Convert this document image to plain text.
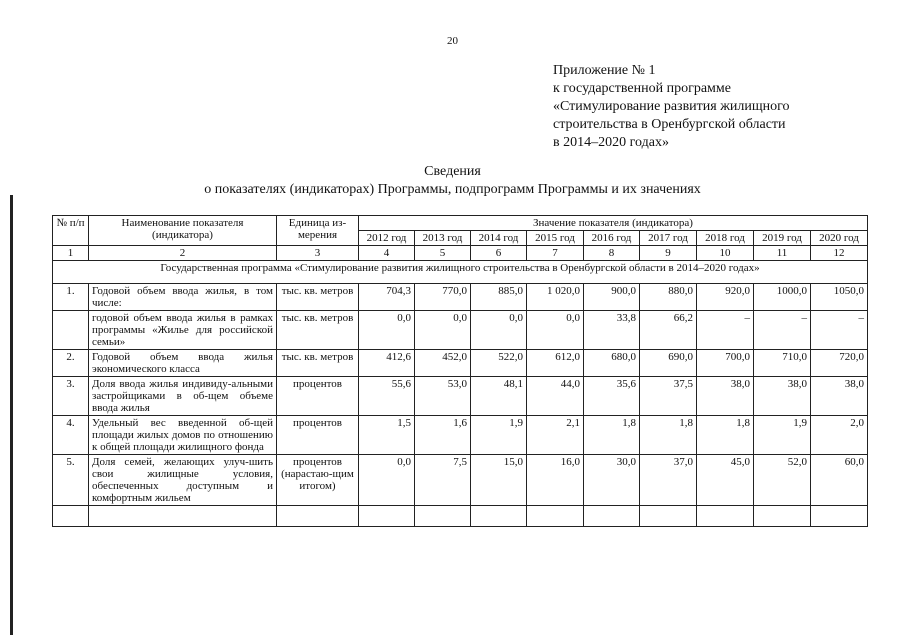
20
Приложение № 1
к государственной программе
«Стимулирование развития жилищного
строительства в Оренбургской области
в 2014–2020 годах»
Сведения
о показателях (индикаторах) Программы, подпрограмм Программы и их значениях
№ п/п	Наименование показателя (индикатора)	Единица из-мерения	Значение показателя (индикатора)								
			2012 год	2013 год	2014 год	2015 год	2016 год	2017 год	2018 год	2019 год	2020 год
1	2	3	4	5	6	7	8	9	10	11	12
Государственная программа «Стимулирование развития жилищного строительства в Оренбургской области в 2014–2020 годах»											
1.	Годовой объем ввода жилья, в том числе:	тыс. кв. метров	704,3	770,0	885,0	1 020,0	900,0	880,0	920,0	1000,0	1050,0
	годовой объем ввода жилья в рамках программы «Жилье для российской семьи»	тыс. кв. метров	0,0	0,0	0,0	0,0	33,8	66,2	–	–	–
2.	Годовой объем ввода жилья экономического класса	тыс. кв. метров	412,6	452,0	522,0	612,0	680,0	690,0	700,0	710,0	720,0
3.	Доля ввода жилья индивиду-альными застройщиками в об-щем объеме ввода жилья	процентов	55,6	53,0	48,1	44,0	35,6	37,5	38,0	38,0	38,0
4.	Удельный вес введенной об-щей площади жилых домов по отношению к общей площади жилищного фонда	процентов	1,5	1,6	1,9	2,1	1,8	1,8	1,8	1,9	2,0
5.	Доля семей, желающих улуч-шить свои жилищные условия, обеспеченных доступным и комфортным жильем	процентов (нарастаю-щим итогом)	0,0	7,5	15,0	16,0	30,0	37,0	45,0	52,0	60,0
